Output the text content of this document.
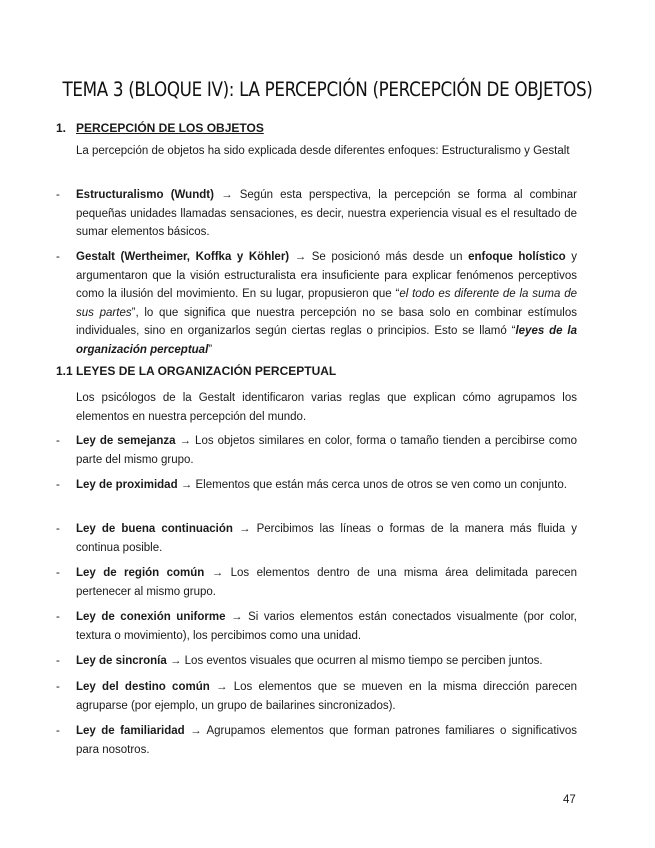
TEMA 3 (BLOQUE IV): LA PERCEPCIÓN (PERCEPCIÓN DE OBJETOS)

1. PERCEPCIÓN DE LOS OBJETOS

La percepción de objetos ha sido explicada desde diferentes enfoques: Estructuralismo y Gestalt

-	Estructuralismo (Wundt) → Según esta perspectiva, la percepción se forma al combinar pequeñas unidades llamadas sensaciones, es decir, nuestra experiencia visual es el resultado de sumar elementos básicos.
-	Gestalt (Wertheimer, Koffka y Köhler) → Se posicionó más desde un enfoque holístico y argumentaron que la visión estructuralista era insuficiente para explicar fenómenos perceptivos como la ilusión del movimiento. En su lugar, propusieron que “el todo es diferente de la suma de sus partes”, lo que significa que nuestra percepción no se basa solo en combinar estímulos individuales, sino en organizarlos según ciertas reglas o principios. Esto se llamó “leyes de la organización perceptual”

1.1 LEYES DE LA ORGANIZACIÓN PERCEPTUAL

Los psicólogos de la Gestalt identificaron varias reglas que explican cómo agrupamos los elementos en nuestra percepción del mundo.

-	Ley de semejanza → Los objetos similares en color, forma o tamaño tienden a percibirse como parte del mismo grupo.
-	Ley de proximidad → Elementos que están más cerca unos de otros se ven como un conjunto.
-	Ley de buena continuación → Percibimos las líneas o formas de la manera más fluida y continua posible.
-	Ley de región común → Los elementos dentro de una misma área delimitada parecen pertenecer al mismo grupo.
-	Ley de conexión uniforme → Si varios elementos están conectados visualmente (por color, textura o movimiento), los percibimos como una unidad.
-	Ley de sincronía → Los eventos visuales que ocurren al mismo tiempo se perciben juntos.
-	Ley del destino común → Los elementos que se mueven en la misma dirección parecen agruparse (por ejemplo, un grupo de bailarines sincronizados).
-	Ley de familiaridad → Agrupamos elementos que forman patrones familiares o significativos para nosotros.
47
